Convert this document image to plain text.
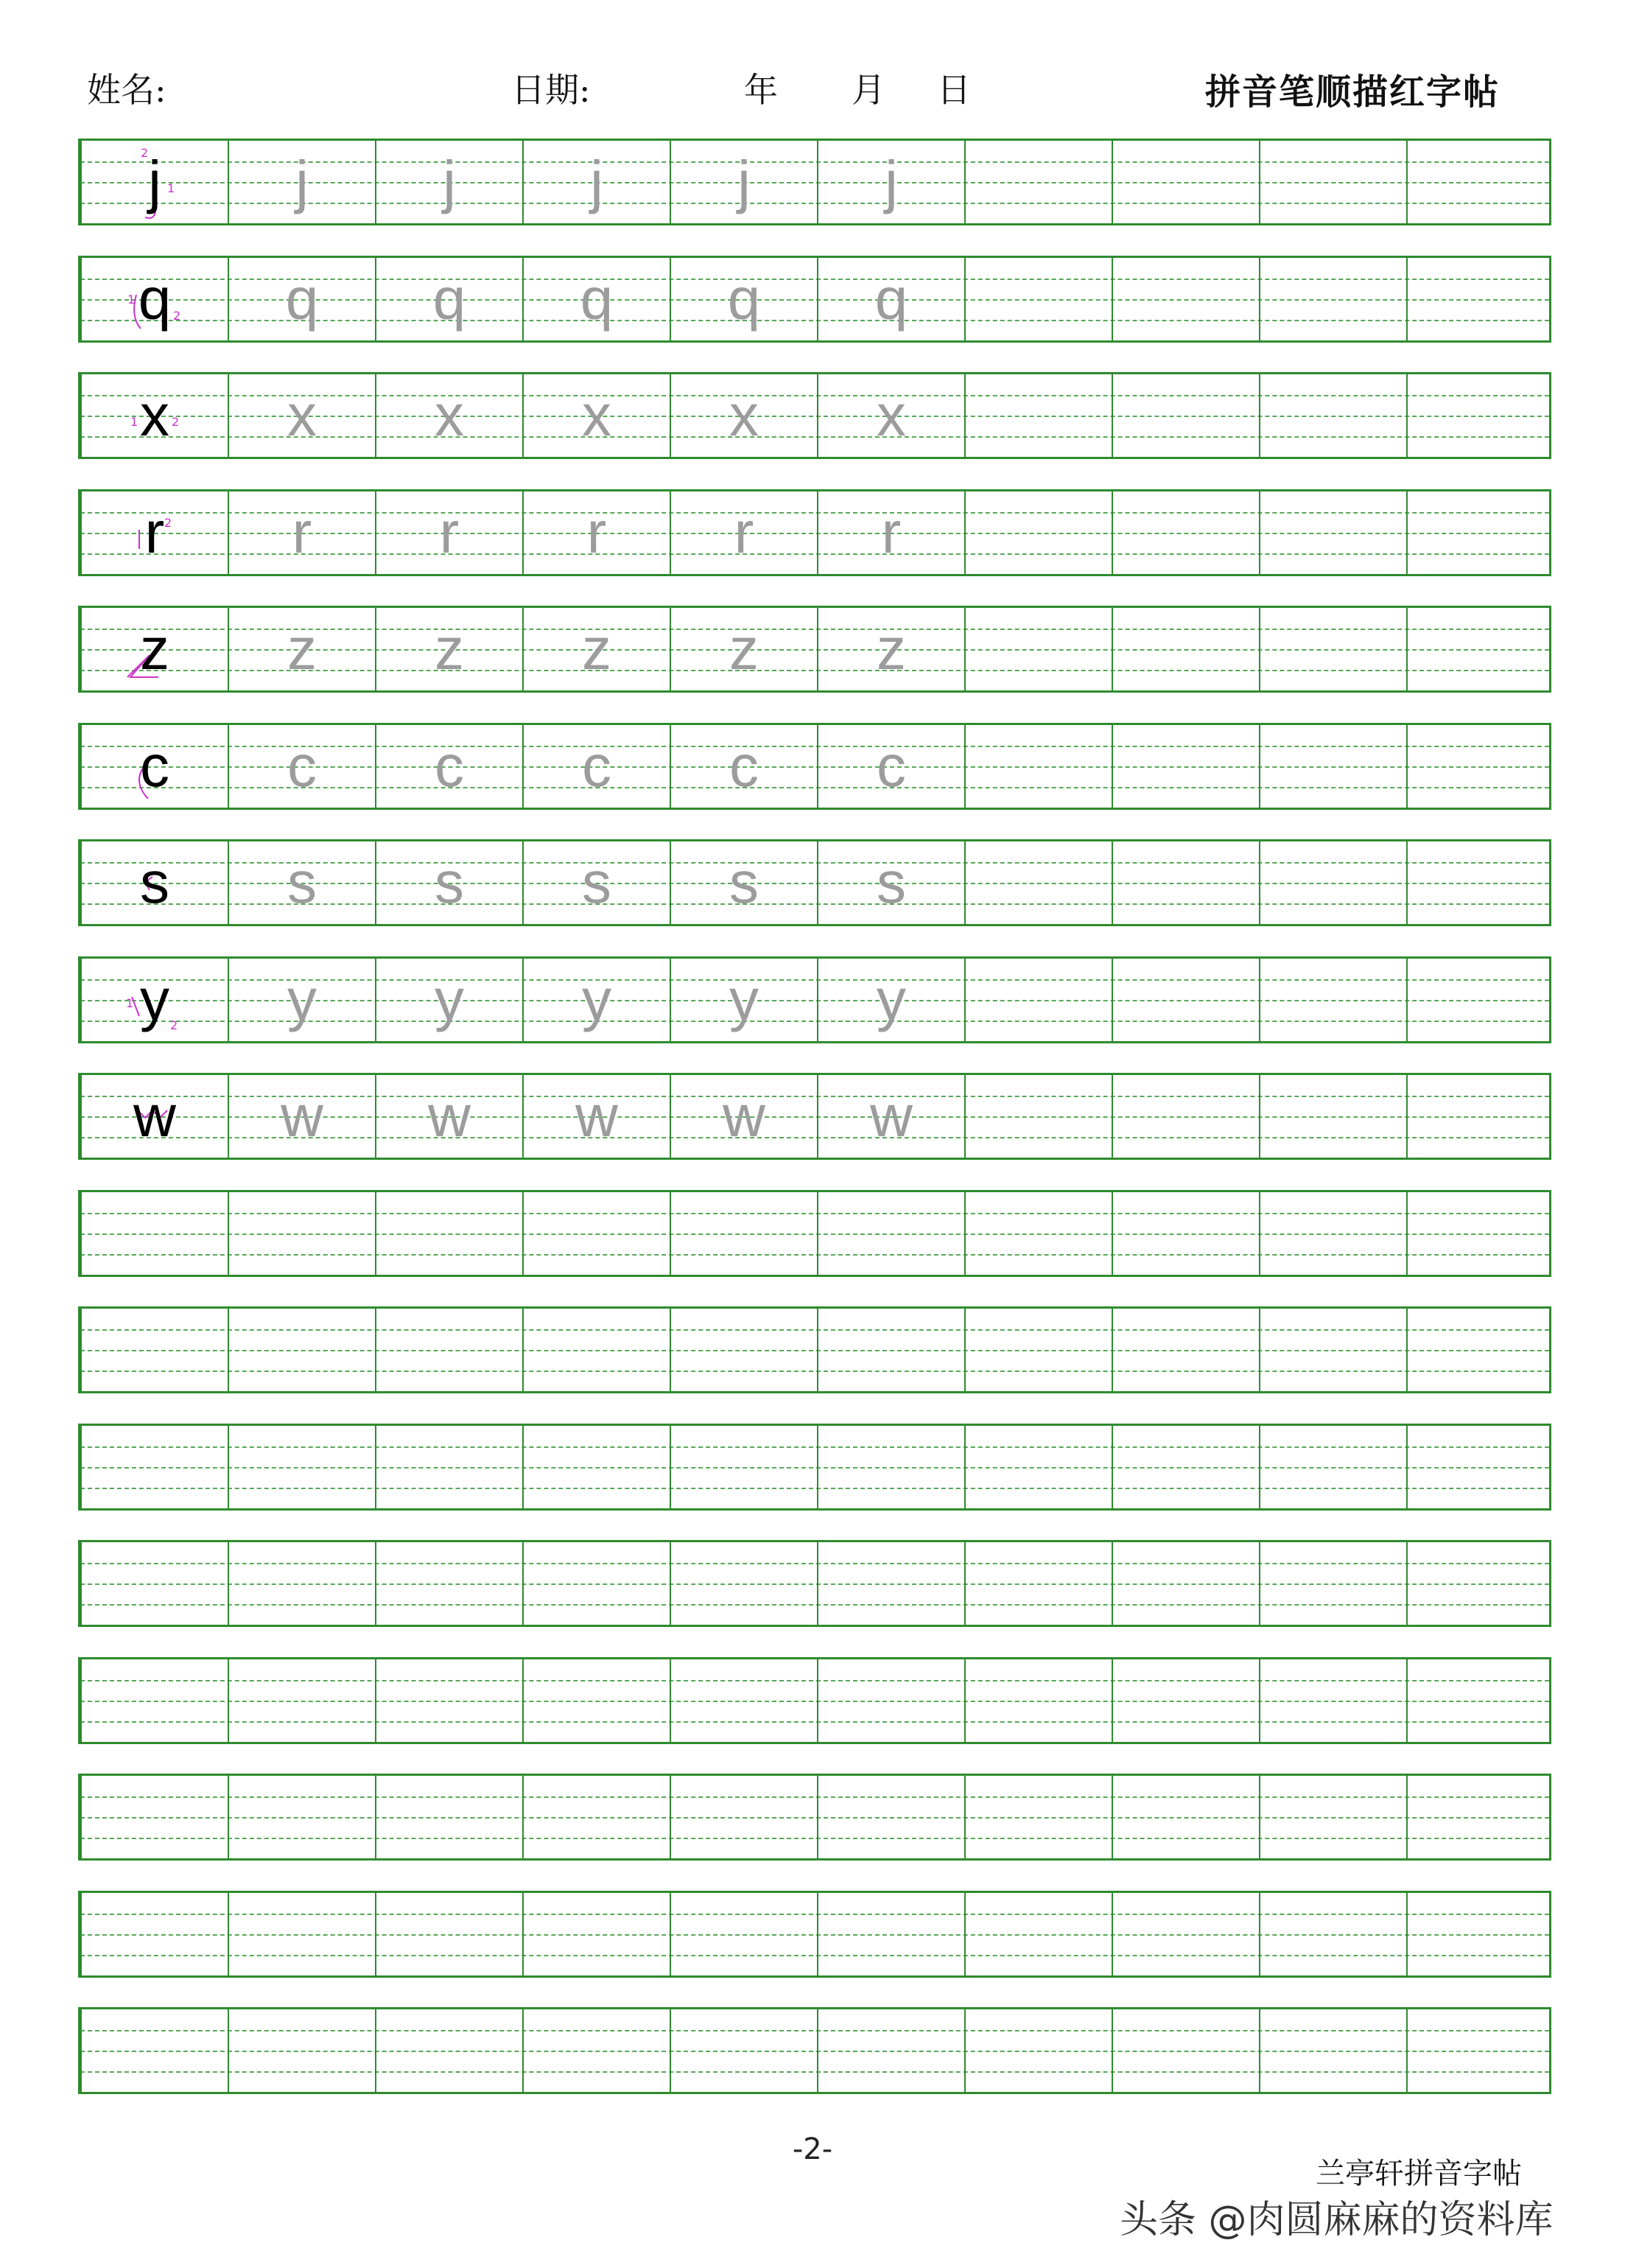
姓名:	日期:	年 月 日	拼音笔顺描红字帖
2
1
j	j	j	j	j	j
1
2
q	q	q	q	q	q
1	2
x	x	x	x	x	x
2
r	r	r	r	r	r
z	z	z	z	z	z
c	c	c	c	c	c
s	s	s	s	s	s
1
2
y	y	y	y	y	y
w	w	w	w	w	w
-2-
兰亭轩拼音字帖
头条 @肉圆麻麻的资料库
